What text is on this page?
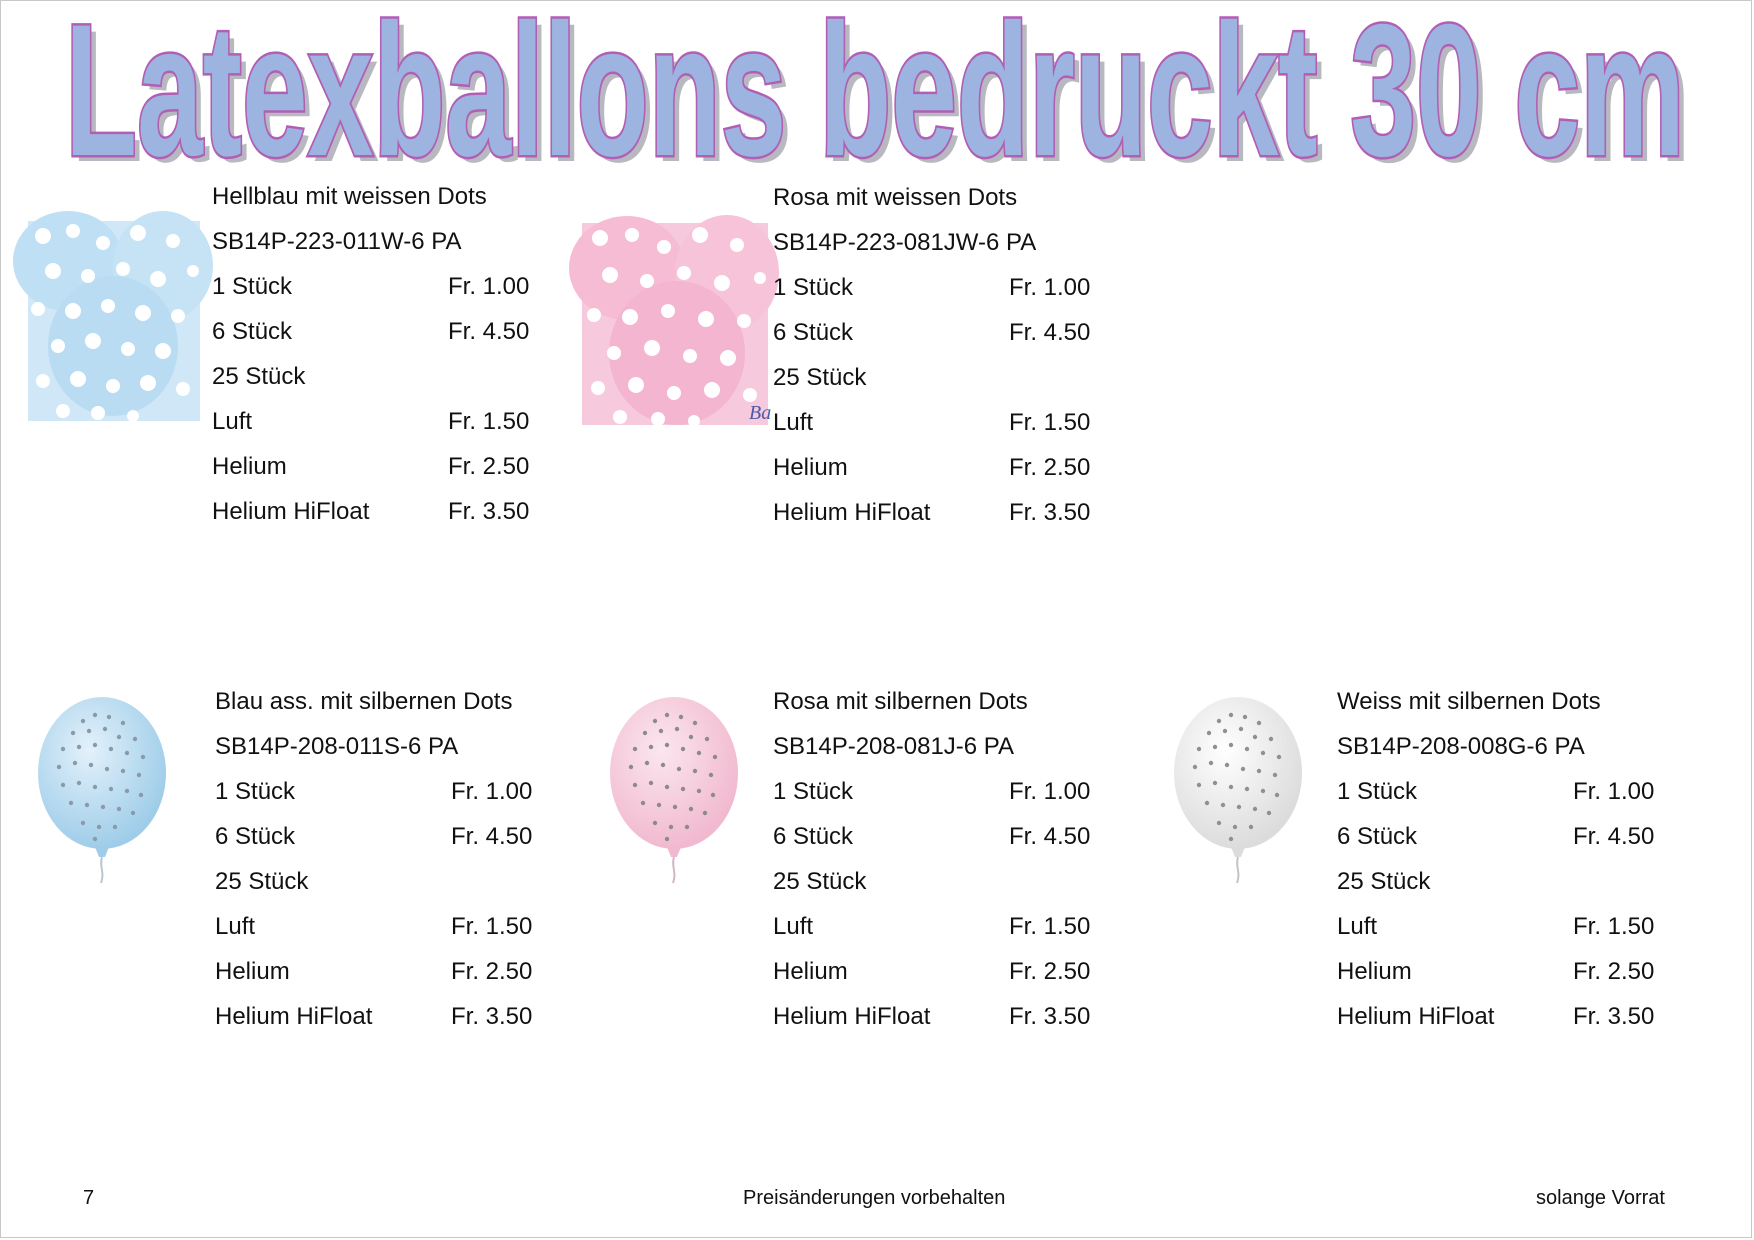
Latexballons bedruckt 30 cm
Latexballons bedruckt 30 cm
Hellblau mit weissen Dots
SB14P-223-011W-6 PA
1 Stück	Fr. 1.00
6 Stück	Fr. 4.50
25 Stück
Luft	Fr. 1.50
Helium	Fr. 2.50
Helium HiFloat	Fr. 3.50
Ba
Rosa mit weissen Dots
SB14P-223-081JW-6 PA
1 Stück	Fr. 1.00
6 Stück	Fr. 4.50
25 Stück
Luft	Fr. 1.50
Helium	Fr. 2.50
Helium HiFloat	Fr. 3.50
Blau ass. mit silbernen Dots
SB14P-208-011S-6 PA
1 Stück	Fr. 1.00
6 Stück	Fr. 4.50
25 Stück
Luft	Fr. 1.50
Helium	Fr. 2.50
Helium HiFloat	Fr. 3.50
Rosa mit silbernen Dots
SB14P-208-081J-6 PA
1 Stück	Fr. 1.00
6 Stück	Fr. 4.50
25 Stück
Luft	Fr. 1.50
Helium	Fr. 2.50
Helium HiFloat	Fr. 3.50
Weiss mit silbernen Dots
SB14P-208-008G-6 PA
1 Stück	Fr. 1.00
6 Stück	Fr. 4.50
25 Stück
Luft	Fr. 1.50
Helium	Fr. 2.50
Helium HiFloat	Fr. 3.50
7	Preisänderungen vorbehalten	solange Vorrat
